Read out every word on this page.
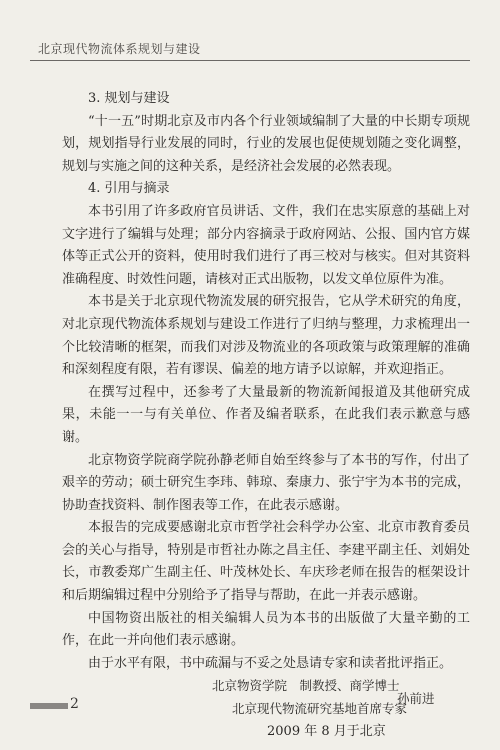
北京现代物流体系规划与建设

3. 规划与建设

“十一五”时期北京及市内各个行业领域编制了大量的中长期专项规划，规划指导行业发展的同时，行业的发展也促使规划随之变化调整，规划与实施之间的这种关系，是经济社会发展的必然表现。

4. 引用与摘录

本书引用了许多政府官员讲话、文件，我们在忠实原意的基础上对文字进行了编辑与处理；部分内容摘录于政府网站、公报、国内官方媒体等正式公开的资料，使用时我们进行了再三校对与核实。但对其资料准确程度、时效性问题，请核对正式出版物，以发文单位原件为准。

本书是关于北京现代物流发展的研究报告，它从学术研究的角度，对北京现代物流体系规划与建设工作进行了归纳与整理，力求梳理出一个比较清晰的框架，而我们对涉及物流业的各项政策与政策理解的准确和深刻程度有限，若有谬误、偏差的地方请予以谅解，并欢迎指正。

在撰写过程中，还参考了大量最新的物流新闻报道及其他研究成果，未能一一与有关单位、作者及编者联系，在此我们表示歉意与感谢。

北京物资学院商学院孙静老师自始至终参与了本书的写作，付出了艰辛的劳动；硕士研究生李玮、韩琼、秦康力、张宁宇为本书的完成，协助查找资料、制作图表等工作，在此表示感谢。

本报告的完成要感谢北京市哲学社会科学办公室、北京市教育委员会的关心与指导，特别是市哲社办陈之昌主任、李建平副主任、刘娟处长，市教委郑广生副主任、叶茂林处长、车庆珍老师在报告的框架设计和后期编辑过程中分别给予了指导与帮助，在此一并表示感谢。

中国物资出版社的相关编辑人员为本书的出版做了大量辛勤的工作，在此一并向他们表示感谢。

由于水平有限，书中疏漏与不妥之处恳请专家和读者批评指正。

北京物资学院　制教授、商学博士

北京现代物流研究基地首席专家
孙前进

2009 年 8 月于北京

2
